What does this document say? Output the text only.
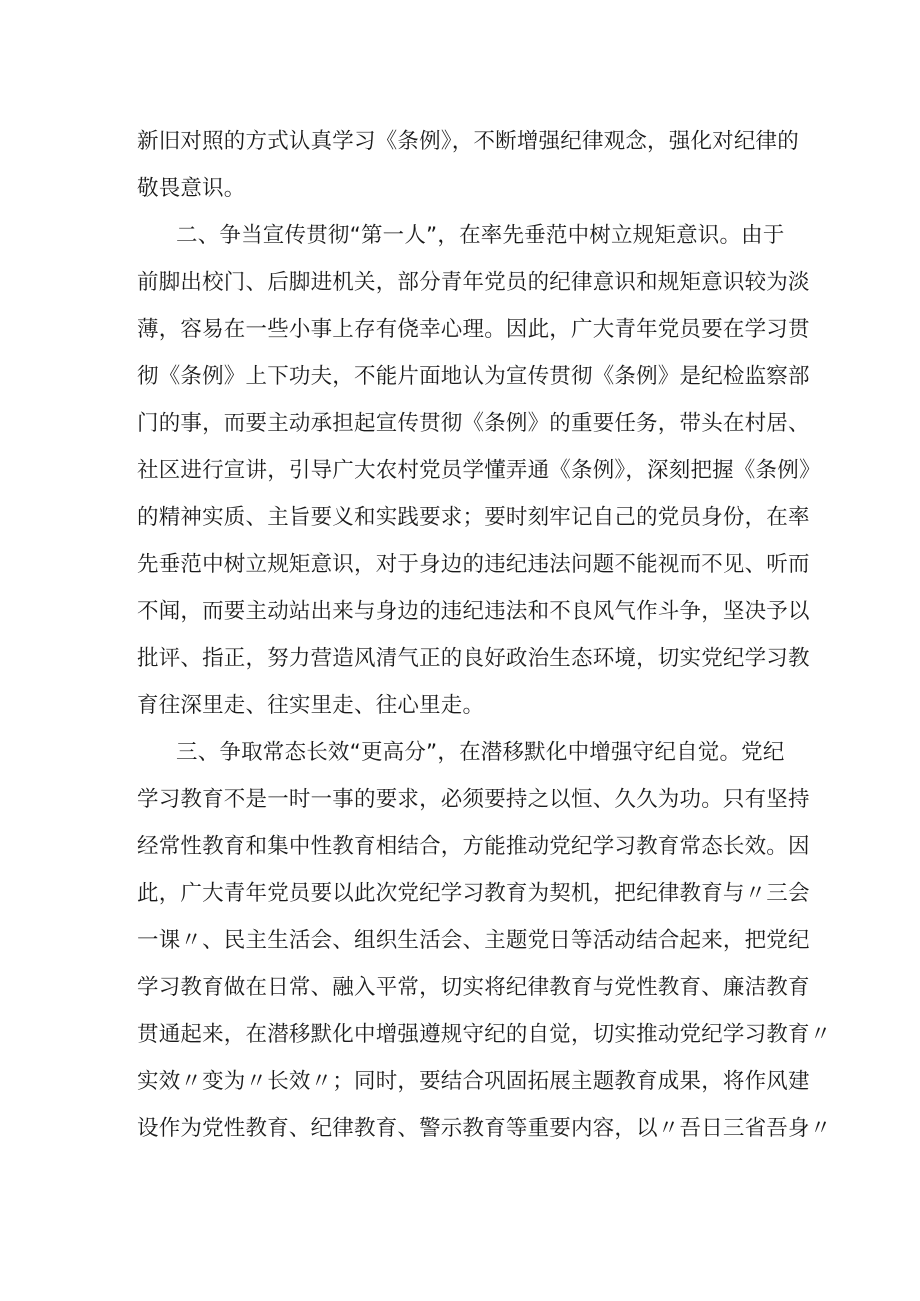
新旧对照的方式认真学习《条例》，不断增强纪律观念，强化对纪律的
敬畏意识。
二、争当宣传贯彻“第一人”，在率先垂范中树立规矩意识。由于
前脚出校门、后脚进机关，部分青年党员的纪律意识和规矩意识较为淡
薄，容易在一些小事上存有侥幸心理。因此，广大青年党员要在学习贯
彻《条例》上下功夫，不能片面地认为宣传贯彻《条例》是纪检监察部
门的事，而要主动承担起宣传贯彻《条例》的重要任务，带头在村居、
社区进行宣讲，引导广大农村党员学懂弄通《条例》，深刻把握《条例》
的精神实质、主旨要义和实践要求；要时刻牢记自己的党员身份，在率
先垂范中树立规矩意识，对于身边的违纪违法问题不能视而不见、听而
不闻，而要主动站出来与身边的违纪违法和不良风气作斗争，坚决予以
批评、指正，努力营造风清气正的良好政治生态环境，切实党纪学习教
育往深里走、往实里走、往心里走。
三、争取常态长效“更高分”，在潜移默化中增强守纪自觉。党纪
学习教育不是一时一事的要求，必须要持之以恒、久久为功。只有坚持
经常性教育和集中性教育相结合，方能推动党纪学习教育常态长效。因
此，广大青年党员要以此次党纪学习教育为契机，把纪律教育与〃三会
一课〃、民主生活会、组织生活会、主题党日等活动结合起来，把党纪
学习教育做在日常、融入平常，切实将纪律教育与党性教育、廉洁教育
贯通起来，在潜移默化中增强遵规守纪的自觉，切实推动党纪学习教育〃
实效〃变为〃长效〃；同时，要结合巩固拓展主题教育成果，将作风建
设作为党性教育、纪律教育、警示教育等重要内容，以〃吾日三省吾身〃
